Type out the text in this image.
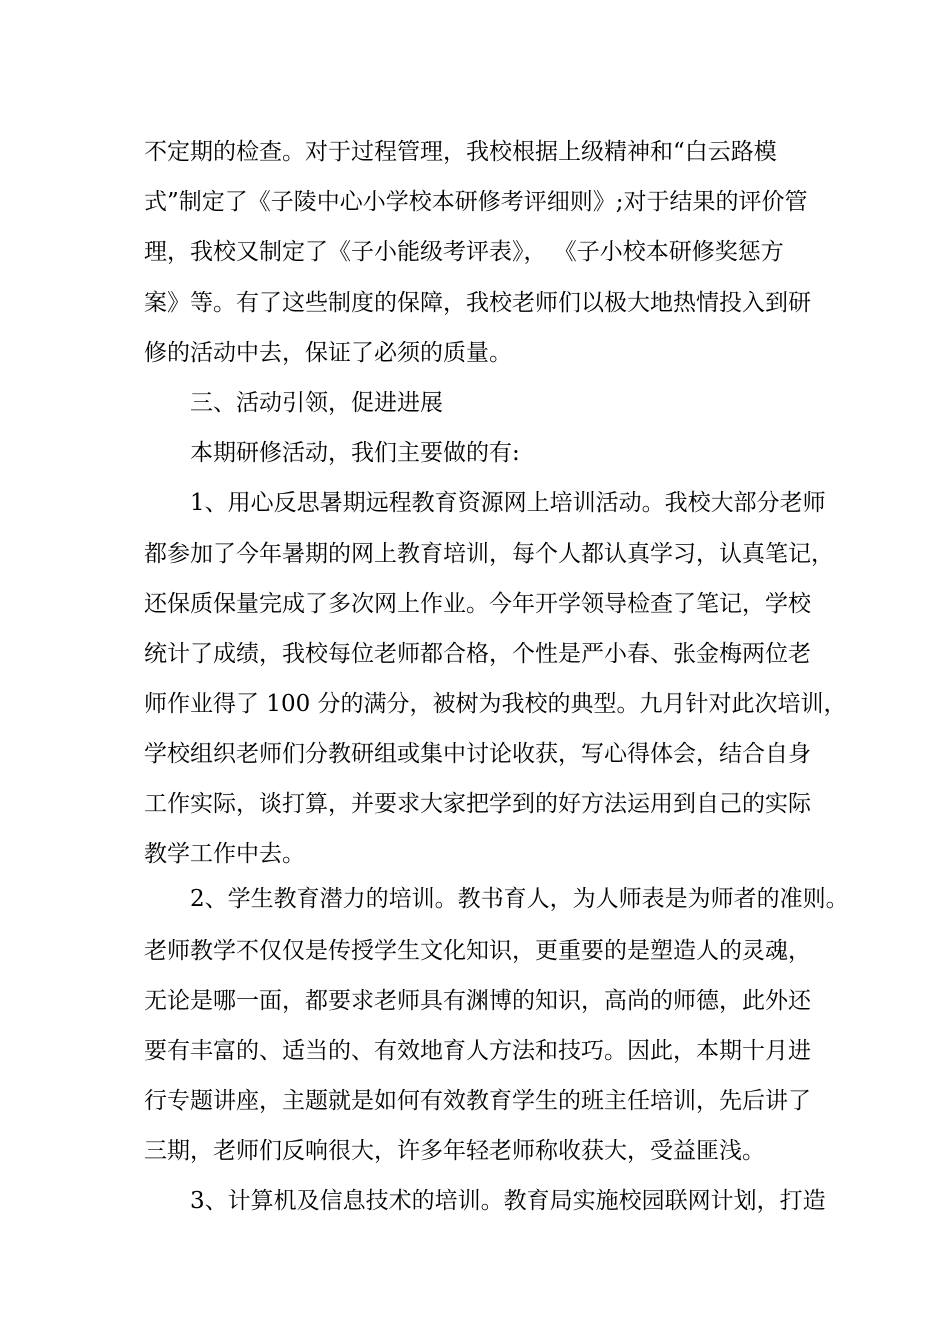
不定期的检查。对于过程管理，我校根据上级精神和“白云路模
式”制定了《子陵中心小学校本研修考评细则》;对于结果的评价管
理，我校又制定了《子小能级考评表》， 《子小校本研修奖惩方
案》等。有了这些制度的保障，我校老师们以极大地热情投入到研
修的活动中去，保证了必须的质量。
三、活动引领，促进进展
本期研修活动，我们主要做的有:
1、用心反思暑期远程教育资源网上培训活动。我校大部分老师
都参加了今年暑期的网上教育培训，每个人都认真学习，认真笔记，
还保质保量完成了多次网上作业。今年开学领导检查了笔记，学校
统计了成绩，我校每位老师都合格，个性是严小春、张金梅两位老
师作业得了 100 分的满分，被树为我校的典型。九月针对此次培训，
学校组织老师们分教研组或集中讨论收获，写心得体会，结合自身
工作实际，谈打算，并要求大家把学到的好方法运用到自己的实际
教学工作中去。
2、学生教育潜力的培训。教书育人，为人师表是为师者的准则。
老师教学不仅仅是传授学生文化知识，更重要的是塑造人的灵魂，
无论是哪一面，都要求老师具有渊博的知识，高尚的师德，此外还
要有丰富的、适当的、有效地育人方法和技巧。因此，本期十月进
行专题讲座，主题就是如何有效教育学生的班主任培训，先后讲了
三期，老师们反响很大，许多年轻老师称收获大，受益匪浅。
3、计算机及信息技术的培训。教育局实施校园联网计划，打造
